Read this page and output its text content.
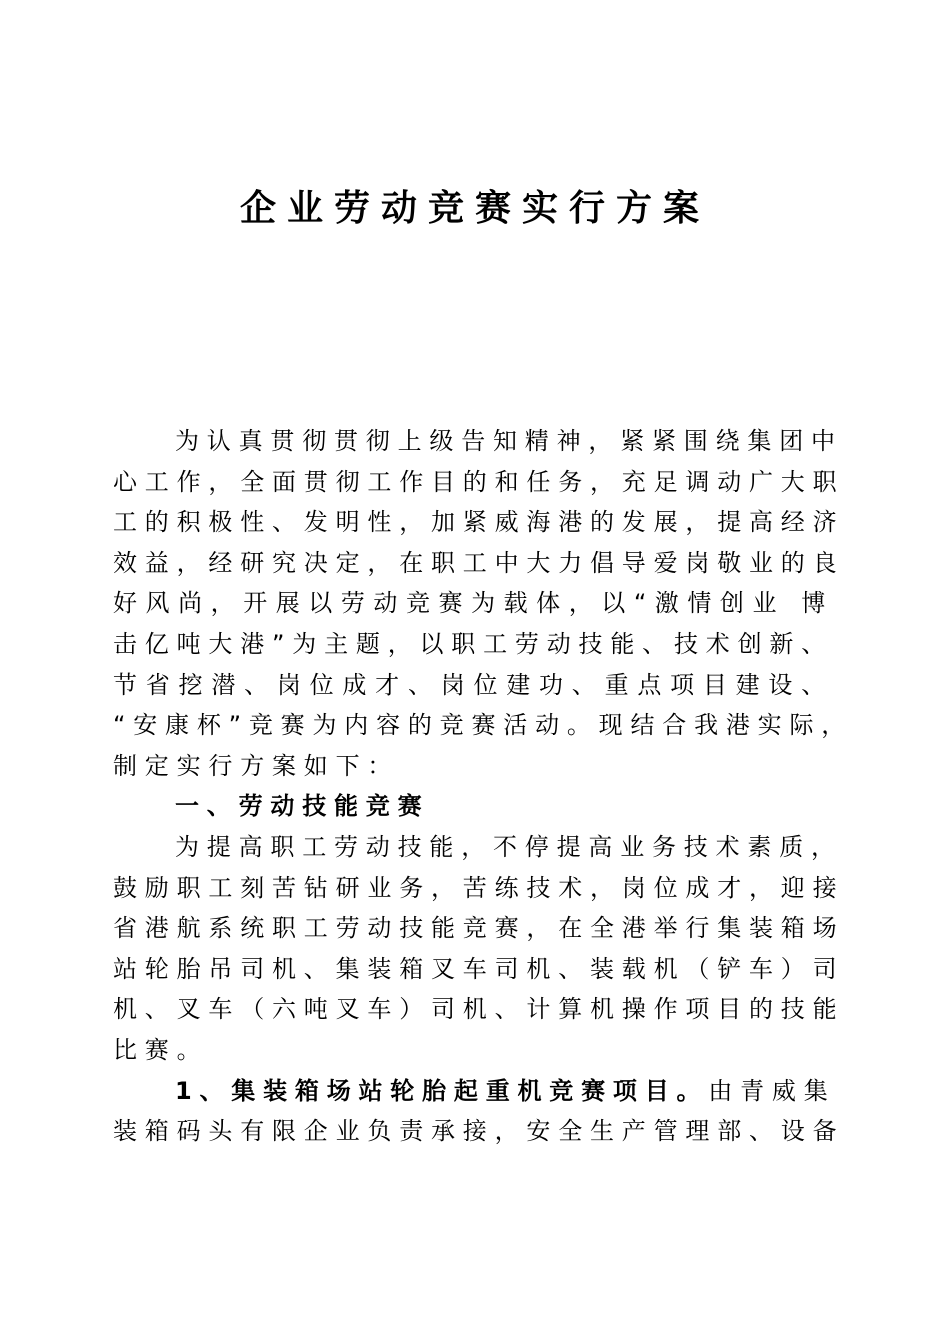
企业劳动竞赛实行方案
为认真贯彻贯彻上级告知精神，紧紧围绕集团中
心工作，全面贯彻工作目的和任务，充足调动广大职
工的积极性、发明性，加紧威海港的发展，提高经济
效益，经研究决定，在职工中大力倡导爱岗敬业的良
好风尚，开展以劳动竞赛为载体，以“激情创业 博
击亿吨大港”为主题，以职工劳动技能、技术创新、
节省挖潜、岗位成才、岗位建功、重点项目建设、
“安康杯”竞赛为内容的竞赛活动。现结合我港实际，
制定实行方案如下：
一、劳动技能竞赛
为提高职工劳动技能，不停提高业务技术素质，
鼓励职工刻苦钻研业务，苦练技术，岗位成才，迎接
省港航系统职工劳动技能竞赛，在全港举行集装箱场
站轮胎吊司机、集装箱叉车司机、装载机（铲车）司
机、叉车（六吨叉车）司机、计算机操作项目的技能
比赛。
1、集装箱场站轮胎起重机竞赛项目。由青威集
装箱码头有限企业负责承接，安全生产管理部、设备
